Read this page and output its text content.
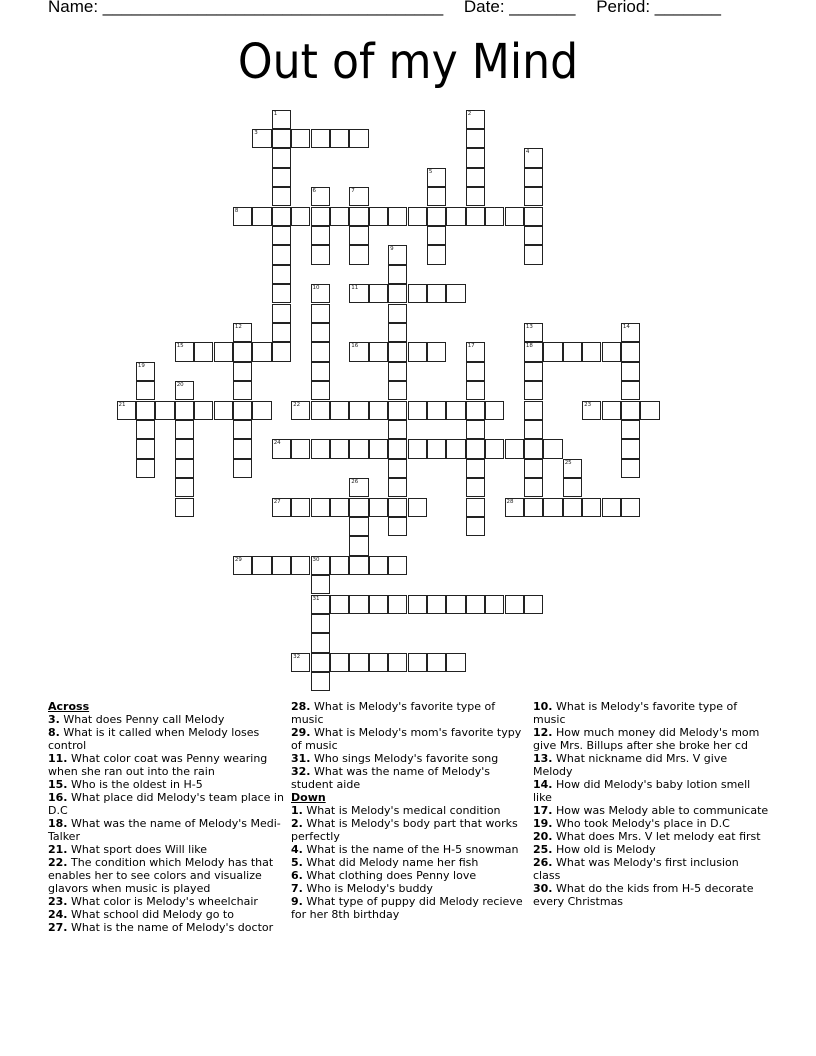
Name: ____________________________________ Date: _______ Period: _______
Out of my Mind
1	2
3
4
5
6	7
8
9
10	11
12	13
18
14
15	16	17
19
20
21	22	23
24
25
26
27	28
29	30
31
32
Across
3. What does Penny call Melody
8. What is it called when Melody loses control
11. What color coat was Penny wearing when she ran out into the rain
15. Who is the oldest in H-5
16. What place did Melody's team place in D.C
18. What was the name of Melody's Medi-Talker
21. What sport does Will like
22. The condition which Melody has that enables her to see colors and visualize glavors when music is played
23. What color is Melody's wheelchair
24. What school did Melody go to
27. What is the name of Melody's doctor
28. What is Melody's favorite type of music
29. What is Melody's mom's favorite typy of music
31. Who sings Melody's favorite song
32. What was the name of Melody's student aide
Down
1. What is Melody's medical condition
2. What is Melody's body part that works perfectly
4. What is the name of the H-5 snowman
5. What did Melody name her fish
6. What clothing does Penny love
7. Who is Melody's buddy
9. What type of puppy did Melody recieve for her 8th birthday
10. What is Melody's favorite type of music
12. How much money did Melody's mom give Mrs. Billups after she broke her cd
13. What nickname did Mrs. V give Melody
14. How did Melody's baby lotion smell like
17. How was Melody able to communicate
19. Who took Melody's place in D.C
20. What does Mrs. V let melody eat first
25. How old is Melody
26. What was Melody's first inclusion class
30. What do the kids from H-5 decorate every Christmas
